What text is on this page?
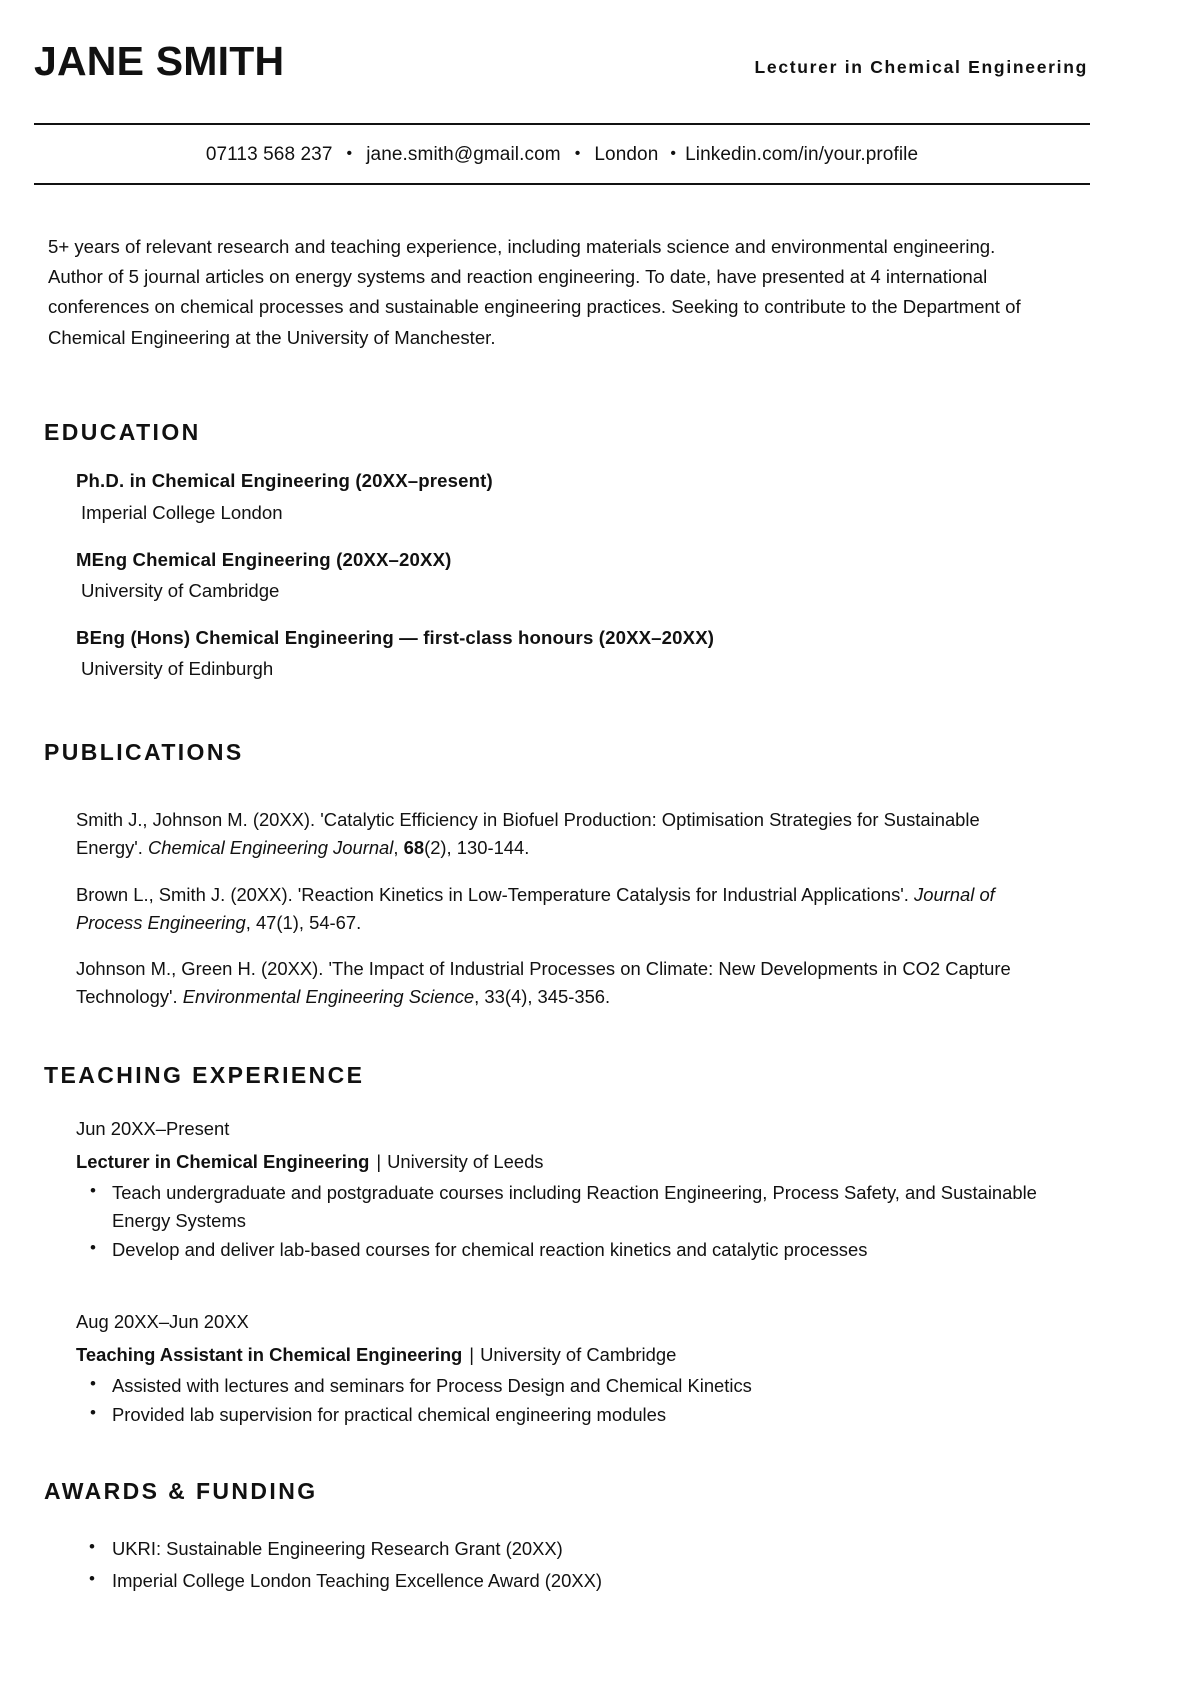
JANE SMITH	Lecturer in Chemical Engineering
07113 568 237 • jane.smith@gmail.com • London • Linkedin.com/in/your.profile

5+ years of relevant research and teaching experience, including materials science and environmental engineering. Author of 5 journal articles on energy systems and reaction engineering. To date, have presented at 4 international conferences on chemical processes and sustainable engineering practices. Seeking to contribute to the Department of Chemical Engineering at the University of Manchester.

EDUCATION
Ph.D. in Chemical Engineering (20XX–present)
Imperial College London
MEng Chemical Engineering (20XX–20XX)
University of Cambridge
BEng (Hons) Chemical Engineering — first-class honours (20XX–20XX)
University of Edinburgh
PUBLICATIONS

Smith J., Johnson M. (20XX). 'Catalytic Efficiency in Biofuel Production: Optimisation Strategies for Sustainable Energy'. Chemical Engineering Journal, 68(2), 130-144.

Brown L., Smith J. (20XX). 'Reaction Kinetics in Low-Temperature Catalysis for Industrial Applications'. Journal of Process Engineering, 47(1), 54-67.

Johnson M., Green H. (20XX). 'The Impact of Industrial Processes on Climate: New Developments in CO2 Capture Technology'. Environmental Engineering Science, 33(4), 345-356.

TEACHING EXPERIENCE
Jun 20XX–Present
Lecturer in Chemical Engineering | University of Leeds
• Teach undergraduate and postgraduate courses including Reaction Engineering, Process Safety, and Sustainable Energy Systems
• Develop and deliver lab-based courses for chemical reaction kinetics and catalytic processes
Aug 20XX–Jun 20XX
Teaching Assistant in Chemical Engineering | University of Cambridge
• Assisted with lectures and seminars for Process Design and Chemical Kinetics
• Provided lab supervision for practical chemical engineering modules
AWARDS & FUNDING
• UKRI: Sustainable Engineering Research Grant (20XX)
• Imperial College London Teaching Excellence Award (20XX)
